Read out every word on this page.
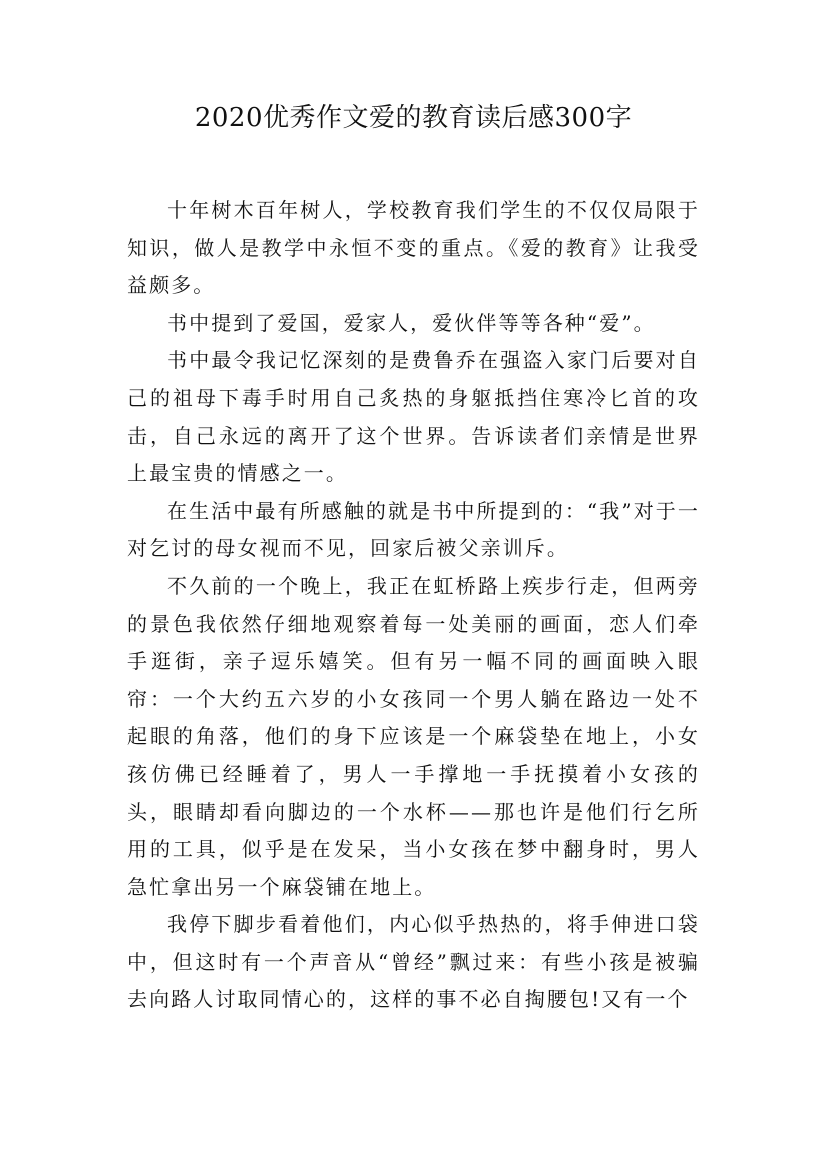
2020优秀作文爱的教育读后感300字

十年树木百年树人，学校教育我们学生的不仅仅局限于知识，做人是教学中永恒不变的重点。《爱的教育》让我受益颇多。

书中提到了爱国，爱家人，爱伙伴等等各种“爱”。

书中最令我记忆深刻的是费鲁乔在强盗入家门后要对自己的祖母下毒手时用自己炙热的身躯抵挡住寒冷匕首的攻击，自己永远的离开了这个世界。告诉读者们亲情是世界上最宝贵的情感之一。

在生活中最有所感触的就是书中所提到的：“我”对于一对乞讨的母女视而不见，回家后被父亲训斥。

不久前的一个晚上，我正在虹桥路上疾步行走，但两旁的景色我依然仔细地观察着每一处美丽的画面，恋人们牵手逛街，亲子逗乐嬉笑。但有另一幅不同的画面映入眼帘：一个大约五六岁的小女孩同一个男人躺在路边一处不起眼的角落，他们的身下应该是一个麻袋垫在地上，小女孩仿佛已经睡着了，男人一手撑地一手抚摸着小女孩的头，眼睛却看向脚边的一个水杯——那也许是他们行乞所用的工具，似乎是在发呆，当小女孩在梦中翻身时，男人急忙拿出另一个麻袋铺在地上。

我停下脚步看着他们，内心似乎热热的，将手伸进口袋中，但这时有一个声音从“曾经”飘过来：有些小孩是被骗去向路人讨取同情心的，这样的事不必自掏腰包!又有一个
